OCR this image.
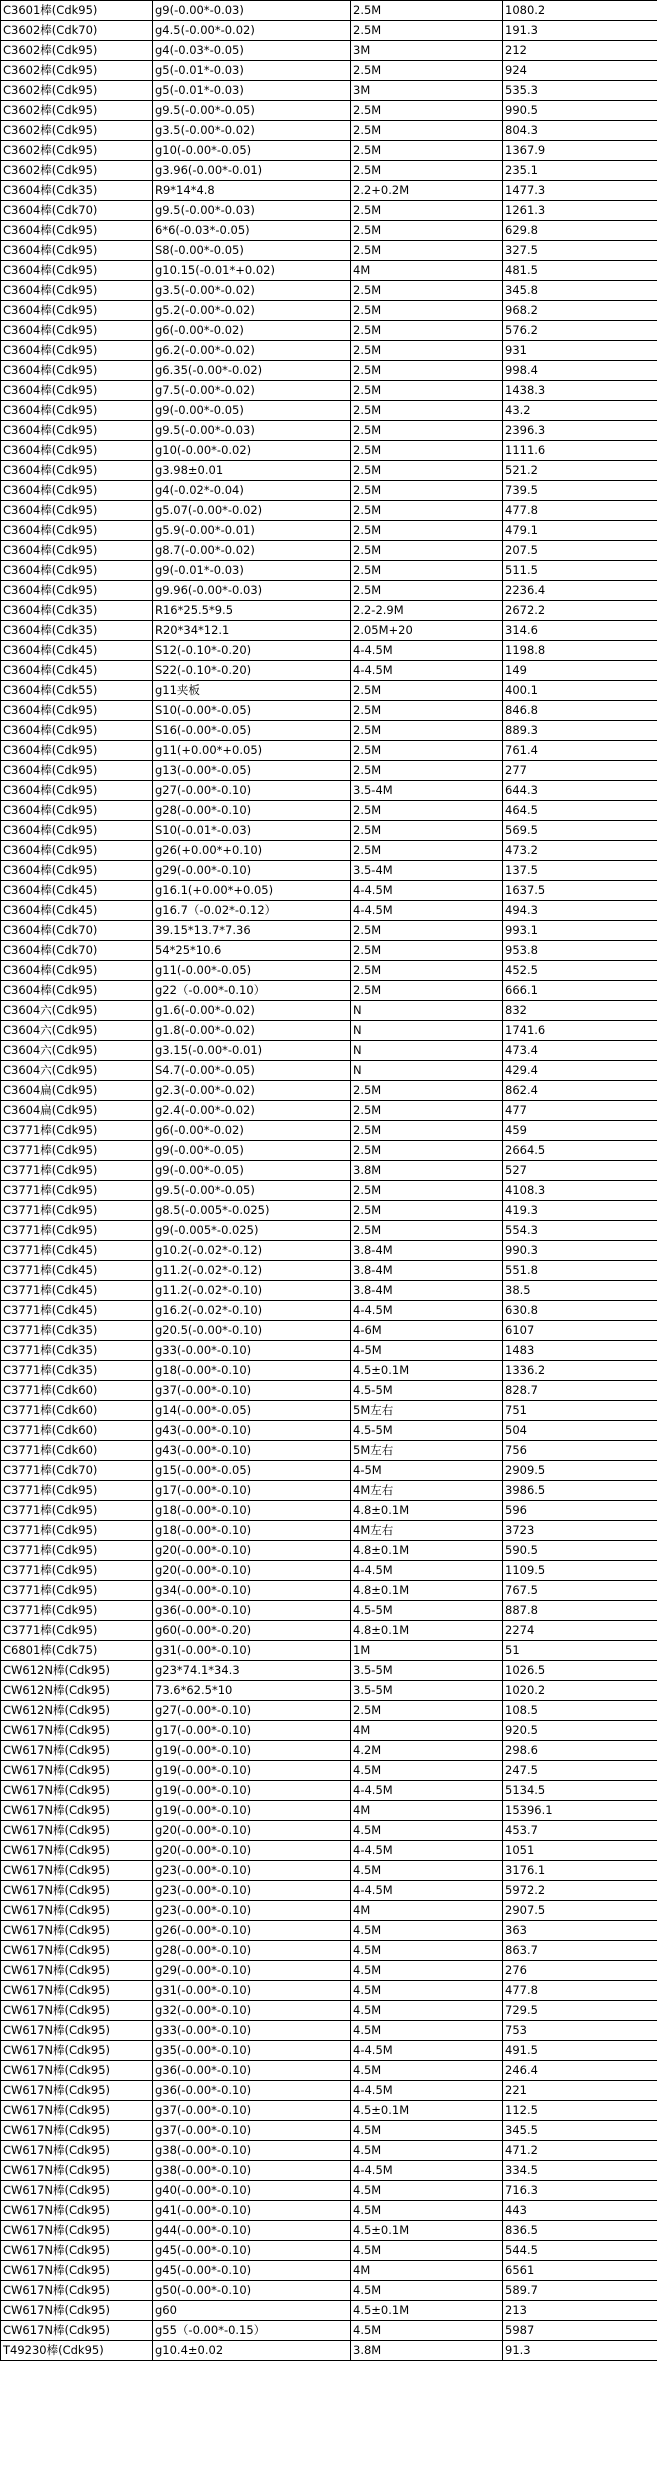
C3601棒(Cdk95)	g9(-0.00*-0.03)	2.5M	1080.2
C3602棒(Cdk70)	g4.5(-0.00*-0.02)	2.5M	191.3
C3602棒(Cdk95)	g4(-0.03*-0.05)	3M	212
C3602棒(Cdk95)	g5(-0.01*-0.03)	2.5M	924
C3602棒(Cdk95)	g5(-0.01*-0.03)	3M	535.3
C3602棒(Cdk95)	g9.5(-0.00*-0.05)	2.5M	990.5
C3602棒(Cdk95)	g3.5(-0.00*-0.02)	2.5M	804.3
C3602棒(Cdk95)	g10(-0.00*-0.05)	2.5M	1367.9
C3602棒(Cdk95)	g3.96(-0.00*-0.01)	2.5M	235.1
C3604棒(Cdk35)	R9*14*4.8	2.2+0.2M	1477.3
C3604棒(Cdk70)	g9.5(-0.00*-0.03)	2.5M	1261.3
C3604棒(Cdk95)	6*6(-0.03*-0.05)	2.5M	629.8
C3604棒(Cdk95)	S8(-0.00*-0.05)	2.5M	327.5
C3604棒(Cdk95)	g10.15(-0.01*+0.02)	4M	481.5
C3604棒(Cdk95)	g3.5(-0.00*-0.02)	2.5M	345.8
C3604棒(Cdk95)	g5.2(-0.00*-0.02)	2.5M	968.2
C3604棒(Cdk95)	g6(-0.00*-0.02)	2.5M	576.2
C3604棒(Cdk95)	g6.2(-0.00*-0.02)	2.5M	931
C3604棒(Cdk95)	g6.35(-0.00*-0.02)	2.5M	998.4
C3604棒(Cdk95)	g7.5(-0.00*-0.02)	2.5M	1438.3
C3604棒(Cdk95)	g9(-0.00*-0.05)	2.5M	43.2
C3604棒(Cdk95)	g9.5(-0.00*-0.03)	2.5M	2396.3
C3604棒(Cdk95)	g10(-0.00*-0.02)	2.5M	1111.6
C3604棒(Cdk95)	g3.98±0.01	2.5M	521.2
C3604棒(Cdk95)	g4(-0.02*-0.04)	2.5M	739.5
C3604棒(Cdk95)	g5.07(-0.00*-0.02)	2.5M	477.8
C3604棒(Cdk95)	g5.9(-0.00*-0.01)	2.5M	479.1
C3604棒(Cdk95)	g8.7(-0.00*-0.02)	2.5M	207.5
C3604棒(Cdk95)	g9(-0.01*-0.03)	2.5M	511.5
C3604棒(Cdk95)	g9.96(-0.00*-0.03)	2.5M	2236.4
C3604棒(Cdk35)	R16*25.5*9.5	2.2-2.9M	2672.2
C3604棒(Cdk35)	R20*34*12.1	2.05M+20	314.6
C3604棒(Cdk45)	S12(-0.10*-0.20)	4-4.5M	1198.8
C3604棒(Cdk45)	S22(-0.10*-0.20)	4-4.5M	149
C3604棒(Cdk55)	g11夹板	2.5M	400.1
C3604棒(Cdk95)	S10(-0.00*-0.05)	2.5M	846.8
C3604棒(Cdk95)	S16(-0.00*-0.05)	2.5M	889.3
C3604棒(Cdk95)	g11(+0.00*+0.05)	2.5M	761.4
C3604棒(Cdk95)	g13(-0.00*-0.05)	2.5M	277
C3604棒(Cdk95)	g27(-0.00*-0.10)	3.5-4M	644.3
C3604棒(Cdk95)	g28(-0.00*-0.10)	2.5M	464.5
C3604棒(Cdk95)	S10(-0.01*-0.03)	2.5M	569.5
C3604棒(Cdk95)	g26(+0.00*+0.10)	2.5M	473.2
C3604棒(Cdk95)	g29(-0.00*-0.10)	3.5-4M	137.5
C3604棒(Cdk45)	g16.1(+0.00*+0.05)	4-4.5M	1637.5
C3604棒(Cdk45)	g16.7（-0.02*-0.12）	4-4.5M	494.3
C3604棒(Cdk70)	39.15*13.7*7.36	2.5M	993.1
C3604棒(Cdk70)	54*25*10.6	2.5M	953.8
C3604棒(Cdk95)	g11(-0.00*-0.05)	2.5M	452.5
C3604棒(Cdk95)	g22（-0.00*-0.10）	2.5M	666.1
C3604六(Cdk95)	g1.6(-0.00*-0.02)	N	832
C3604六(Cdk95)	g1.8(-0.00*-0.02)	N	1741.6
C3604六(Cdk95)	g3.15(-0.00*-0.01)	N	473.4
C3604六(Cdk95)	S4.7(-0.00*-0.05)	N	429.4
C3604扁(Cdk95)	g2.3(-0.00*-0.02)	2.5M	862.4
C3604扁(Cdk95)	g2.4(-0.00*-0.02)	2.5M	477
C3771棒(Cdk95)	g6(-0.00*-0.02)	2.5M	459
C3771棒(Cdk95)	g9(-0.00*-0.05)	2.5M	2664.5
C3771棒(Cdk95)	g9(-0.00*-0.05)	3.8M	527
C3771棒(Cdk95)	g9.5(-0.00*-0.05)	2.5M	4108.3
C3771棒(Cdk95)	g8.5(-0.005*-0.025)	2.5M	419.3
C3771棒(Cdk95)	g9(-0.005*-0.025)	2.5M	554.3
C3771棒(Cdk45)	g10.2(-0.02*-0.12)	3.8-4M	990.3
C3771棒(Cdk45)	g11.2(-0.02*-0.12)	3.8-4M	551.8
C3771棒(Cdk45)	g11.2(-0.02*-0.10)	3.8-4M	38.5
C3771棒(Cdk45)	g16.2(-0.02*-0.10)	4-4.5M	630.8
C3771棒(Cdk35)	g20.5(-0.00*-0.10)	4-6M	6107
C3771棒(Cdk35)	g33(-0.00*-0.10)	4-5M	1483
C3771棒(Cdk35)	g18(-0.00*-0.10)	4.5±0.1M	1336.2
C3771棒(Cdk60)	g37(-0.00*-0.10)	4.5-5M	828.7
C3771棒(Cdk60)	g14(-0.00*-0.05)	5M左右	751
C3771棒(Cdk60)	g43(-0.00*-0.10)	4.5-5M	504
C3771棒(Cdk60)	g43(-0.00*-0.10)	5M左右	756
C3771棒(Cdk70)	g15(-0.00*-0.05)	4-5M	2909.5
C3771棒(Cdk95)	g17(-0.00*-0.10)	4M左右	3986.5
C3771棒(Cdk95)	g18(-0.00*-0.10)	4.8±0.1M	596
C3771棒(Cdk95)	g18(-0.00*-0.10)	4M左右	3723
C3771棒(Cdk95)	g20(-0.00*-0.10)	4.8±0.1M	590.5
C3771棒(Cdk95)	g20(-0.00*-0.10)	4-4.5M	1109.5
C3771棒(Cdk95)	g34(-0.00*-0.10)	4.8±0.1M	767.5
C3771棒(Cdk95)	g36(-0.00*-0.10)	4.5-5M	887.8
C3771棒(Cdk95)	g60(-0.00*-0.20)	4.8±0.1M	2274
C6801棒(Cdk75)	g31(-0.00*-0.10)	1M	51
CW612N棒(Cdk95)	g23*74.1*34.3	3.5-5M	1026.5
CW612N棒(Cdk95)	73.6*62.5*10	3.5-5M	1020.2
CW612N棒(Cdk95)	g27(-0.00*-0.10)	2.5M	108.5
CW617N棒(Cdk95)	g17(-0.00*-0.10)	4M	920.5
CW617N棒(Cdk95)	g19(-0.00*-0.10)	4.2M	298.6
CW617N棒(Cdk95)	g19(-0.00*-0.10)	4.5M	247.5
CW617N棒(Cdk95)	g19(-0.00*-0.10)	4-4.5M	5134.5
CW617N棒(Cdk95)	g19(-0.00*-0.10)	4M	15396.1
CW617N棒(Cdk95)	g20(-0.00*-0.10)	4.5M	453.7
CW617N棒(Cdk95)	g20(-0.00*-0.10)	4-4.5M	1051
CW617N棒(Cdk95)	g23(-0.00*-0.10)	4.5M	3176.1
CW617N棒(Cdk95)	g23(-0.00*-0.10)	4-4.5M	5972.2
CW617N棒(Cdk95)	g23(-0.00*-0.10)	4M	2907.5
CW617N棒(Cdk95)	g26(-0.00*-0.10)	4.5M	363
CW617N棒(Cdk95)	g28(-0.00*-0.10)	4.5M	863.7
CW617N棒(Cdk95)	g29(-0.00*-0.10)	4.5M	276
CW617N棒(Cdk95)	g31(-0.00*-0.10)	4.5M	477.8
CW617N棒(Cdk95)	g32(-0.00*-0.10)	4.5M	729.5
CW617N棒(Cdk95)	g33(-0.00*-0.10)	4.5M	753
CW617N棒(Cdk95)	g35(-0.00*-0.10)	4-4.5M	491.5
CW617N棒(Cdk95)	g36(-0.00*-0.10)	4.5M	246.4
CW617N棒(Cdk95)	g36(-0.00*-0.10)	4-4.5M	221
CW617N棒(Cdk95)	g37(-0.00*-0.10)	4.5±0.1M	112.5
CW617N棒(Cdk95)	g37(-0.00*-0.10)	4.5M	345.5
CW617N棒(Cdk95)	g38(-0.00*-0.10)	4.5M	471.2
CW617N棒(Cdk95)	g38(-0.00*-0.10)	4-4.5M	334.5
CW617N棒(Cdk95)	g40(-0.00*-0.10)	4.5M	716.3
CW617N棒(Cdk95)	g41(-0.00*-0.10)	4.5M	443
CW617N棒(Cdk95)	g44(-0.00*-0.10)	4.5±0.1M	836.5
CW617N棒(Cdk95)	g45(-0.00*-0.10)	4.5M	544.5
CW617N棒(Cdk95)	g45(-0.00*-0.10)	4M	6561
CW617N棒(Cdk95)	g50(-0.00*-0.10)	4.5M	589.7
CW617N棒(Cdk95)	g60	4.5±0.1M	213
CW617N棒(Cdk95)	g55（-0.00*-0.15）	4.5M	5987
T49230棒(Cdk95)	g10.4±0.02	3.8M	91.3
